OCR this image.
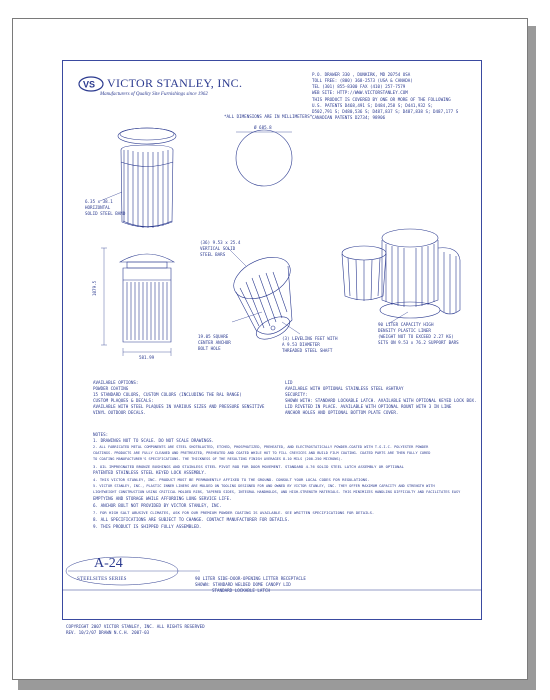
VS VICTOR STANLEY, INC.
Manufacturers of Quality Site Furnishings since 1962
P.O. DRAWER 330 , DUNKIRK, MD 20754 USA
TOLL FREE: (800) 368-2573 (USA & CANADA)
TEL (301) 855-8300 FAX (410) 257-7579
WEB SITE: HTTP://WWW.VICTORSTANLEY.COM
THIS PRODUCT IS COVERED BY ONE OR MORE OF THE FOLLOWING
U.S. PATENTS D468,491 S; D484,258 S; D441,932 S;
D502,791 S; D480,536 S; D487,837 S; D487,838 S; D487,177 S
CANADIAN PATENTS D2734; 98906
*ALL DIMENSIONS ARE IN MILLIMETERS*
Ø 685.8
6.35 x 38.1
HORIZONTAL
SOLID STEEL BAND
(36) 9.53 x 25.4
VERTICAL SOLID
STEEL BARS
1079.5
581.99
19.05 SQUARE
CENTER ANCHOR
BOLT HOLE
(3) LEVELING FEET WITH
A 9.53 DIAMETER
THREADED STEEL SHAFT
90 LITER CAPACITY HIGH
DENSITY PLASTIC LINER
(WEIGHT NOT TO EXCEED 2.27 KG)
SITS ON 9.53 x 76.2 SUPPORT BARS
AVAILABLE OPTIONS:
POWDER COATING
15 STANDARD COLORS, CUSTOM COLORS (INCLUDING THE RAL RANGE)
CUSTOM PLAQUES & DECALS:
AVAILABLE WITH STEEL PLAQUES IN VARIOUS SIZES AND PRESSURE SENSITIVE
VINYL OUTDOOR DECALS.
LID
AVAILABLE WITH OPTIONAL STAINLESS STEEL ASHTRAY
SECURITY:
SHOWN WITH: STANDARD LOCKABLE LATCH. AVAILABLE WITH OPTIONAL KEYED LOCK BOX.
LID RIVETED IN PLACE. AVAILABLE WITH OPTIONAL ROUNT WITH 3 IN LINE
ANCHOR HOLES AND OPTIONAL BOTTOM PLATE COVER.
NOTES:
1. DRAWINGS NOT TO SCALE. DO NOT SCALE DRAWINGS.
2. ALL FABRICATED METAL COMPONENTS ARE STEEL SHOTBLASTED, ETCHED, PHOSPHATIZED, PREHEATED, AND ELECTROSTATICALLY POWDER-COATED WITH T.G.I.C. POLYESTER POWDER
COATINGS. PRODUCTS ARE FULLY CLEANED AND PRETREATED, PREHEATED AND COATED WHILE HOT TO FILL CREVICES AND BUILD FILM COATING. COATED PARTS ARE THEN FULLY CURED
TO COATING MANUFACTURER'S SPECIFICATIONS. THE THICKNESS OF THE RESULTING FINISH AVERAGES 8-10 MILS (200-250 MICRONS).
3. OIL IMPREGNATED BRONZE BUSHINGS AND STAINLESS STEEL PIVOT ROD FOR DOOR MOVEMENT. STANDARD 4.76 SOLID STEEL LATCH ASSEMBLY OR OPTIONAL
PATENTED STAINLESS STEEL KEYED LOCK ASSEMBLY.
4. THIS VICTOR STANLEY, INC. PRODUCT MUST BE PERMANENTLY AFFIXED TO THE GROUND. CONSULT YOUR LOCAL CODES FOR REGULATIONS.
5. VICTOR STANLEY, INC., PLASTIC INNER LINERS ARE MOLDED ON TOOLING DESIGNED FOR AND OWNED BY VICTOR STANLEY, INC. THEY OFFER MAXIMUM CAPACITY AND STRENGTH WITH
LIGHTWEIGHT CONSTRUCTION USING CRITICAL MOLDED RIBS, TAPERED SIDES, INTEGRAL HANDHOLDS, AND HIGH-STRENGTH MATERIALS. THIS MINIMIZES HANDLING DIFFICULTY AND FACILITATES EASY
EMPTYING AND STORAGE WHILE AFFORDING LONG SERVICE LIFE.
6. ANCHOR BOLT NOT PROVIDED BY VICTOR STANLEY, INC.
7. FOR HIGH SALT ABUSIVE CLIMATES, ASK FOR OUR PREMIUM POWDER COATING IS AVAILABLE. SEE WRITTEN SPECIFICATIONS FOR DETAILS.
8. ALL SPECIFICATIONS ARE SUBJECT TO CHANGE. CONTACT MANUFACTURER FOR DETAILS.
9. THIS PRODUCT IS SHIPPED FULLY ASSEMBLED.
A-24
STEELSITES SERIES	90 LITER SIDE-DOOR-OPENING LITTER RECEPTACLE
SHOWN: STANDARD WELDED DOME CANOPY LID
STANDARD LOCKABLE LATCH
COPYRIGHT 2007 VICTOR STANLEY, INC. ALL RIGHTS RESERVED
REV. 10/2/07 DRAWN N.C.H. 2007-03
